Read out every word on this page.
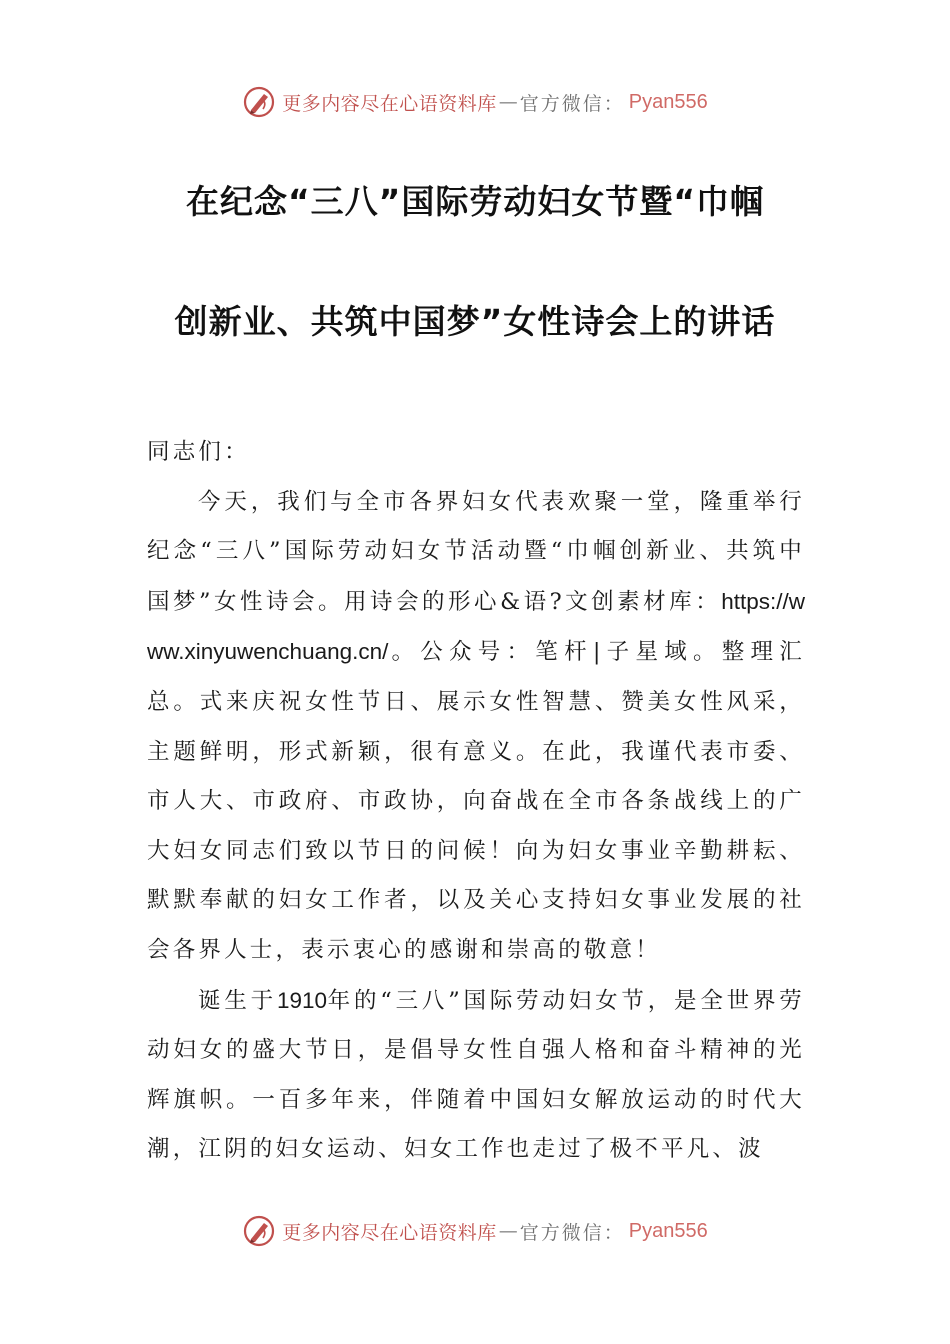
更多内容尽在心语资料库 — 官方微信： Pyan556
在纪念“三八”国际劳动妇女节暨“巾帼
创新业、共筑中国梦”女性诗会上的讲话

同志们：

今天，我们与全市各界妇女代表欢聚一堂，隆重举行纪念“三八”国际劳动妇女节活动暨“巾帼创新业、共筑中国梦”女性诗会。用诗会的形心&语?文创素材库：https://www.xinyuwenchuang.cn/。公众号：笔杆|子星域。整理汇总。式来庆祝女性节日、展示女性智慧、赞美女性风采，主题鲜明，形式新颖，很有意义。在此，我谨代表市委、市人大、市政府、市政协，向奋战在全市各条战线上的广大妇女同志们致以节日的问候！向为妇女事业辛勤耕耘、默默奉献的妇女工作者，以及关心支持妇女事业发展的社会各界人士，表示衷心的感谢和崇高的敬意！

诞生于1910年的“三八”国际劳动妇女节，是全世界劳动妇女的盛大节日，是倡导女性自强人格和奋斗精神的光辉旗帜。一百多年来，伴随着中国妇女解放运动的时代大潮，江阴的妇女运动、妇女工作也走过了极不平凡、波

更多内容尽在心语资料库 — 官方微信： Pyan556
